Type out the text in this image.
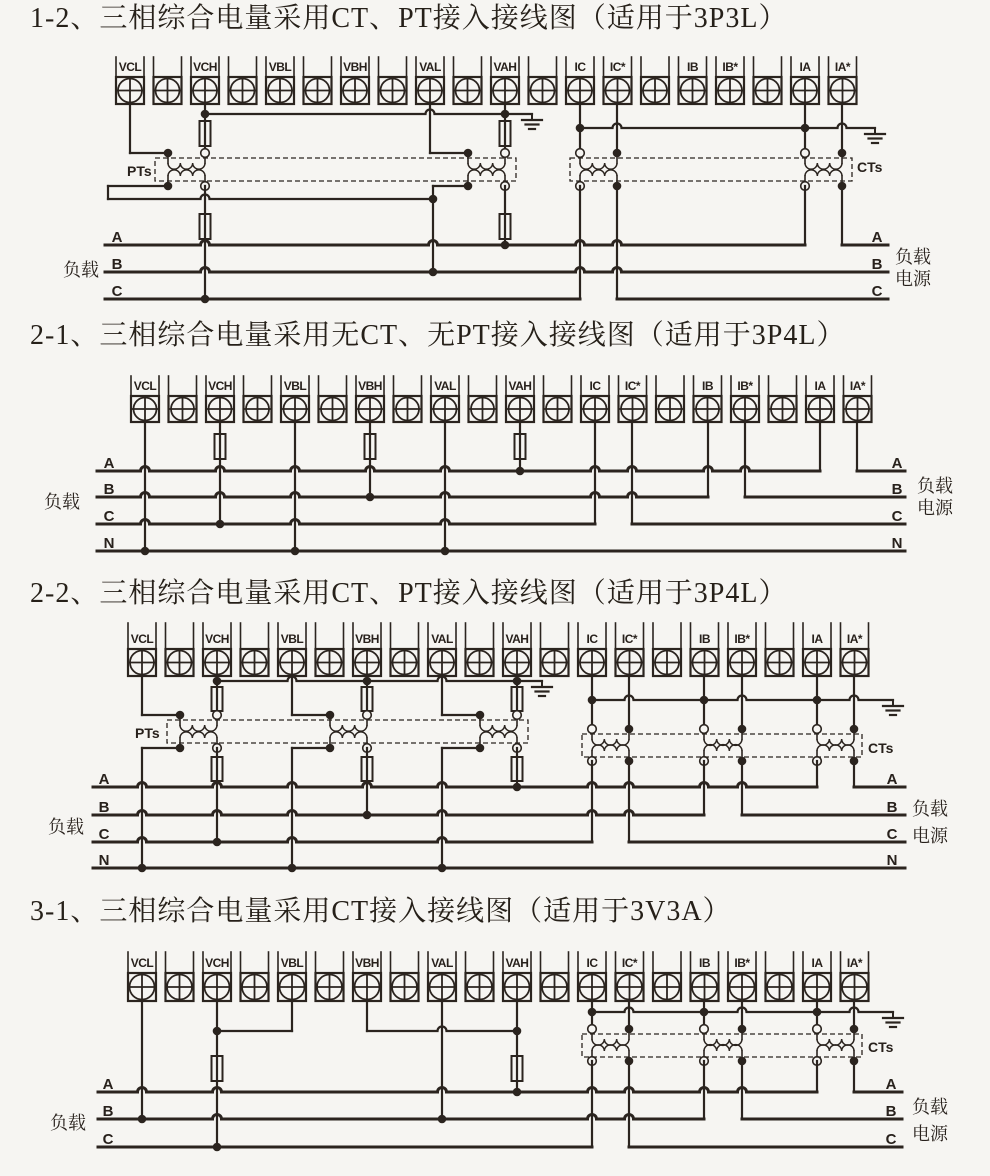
VCL	VCH	VBL	VBH	VAL	VAH	IC IC*	IB IB*	IA IA*
PTs	CTs
A
B
C
A
B
C
负载
负载
电源
VCL	VCH	VBL	VBH	VAL	VAH	IC IC*	IB IB*	IA IA*
A
B
C
N
A
B
C
N
负载
负载
电源
VCL	VCH	VBL	VBH	VAL	VAH	IC IC*	IB IB*	IA IA*
PTs
CTs
A
B
C
N
A
B
C
N
负载
负载
电源
VCL	VCH	VBL	VBH	VAL	VAH	IC IC*	IB IB*	IA IA*
CTs
A
B
C
A
B
C
负载
负载
电源
1-2、三相综合电量采用CT、PT接入接线图（适用于3P3L）
2-1、三相综合电量采用无CT、无PT接入接线图（适用于3P4L）
2-2、三相综合电量采用CT、PT接入接线图（适用于3P4L）
3-1、三相综合电量采用CT接入接线图（适用于3V3A）
